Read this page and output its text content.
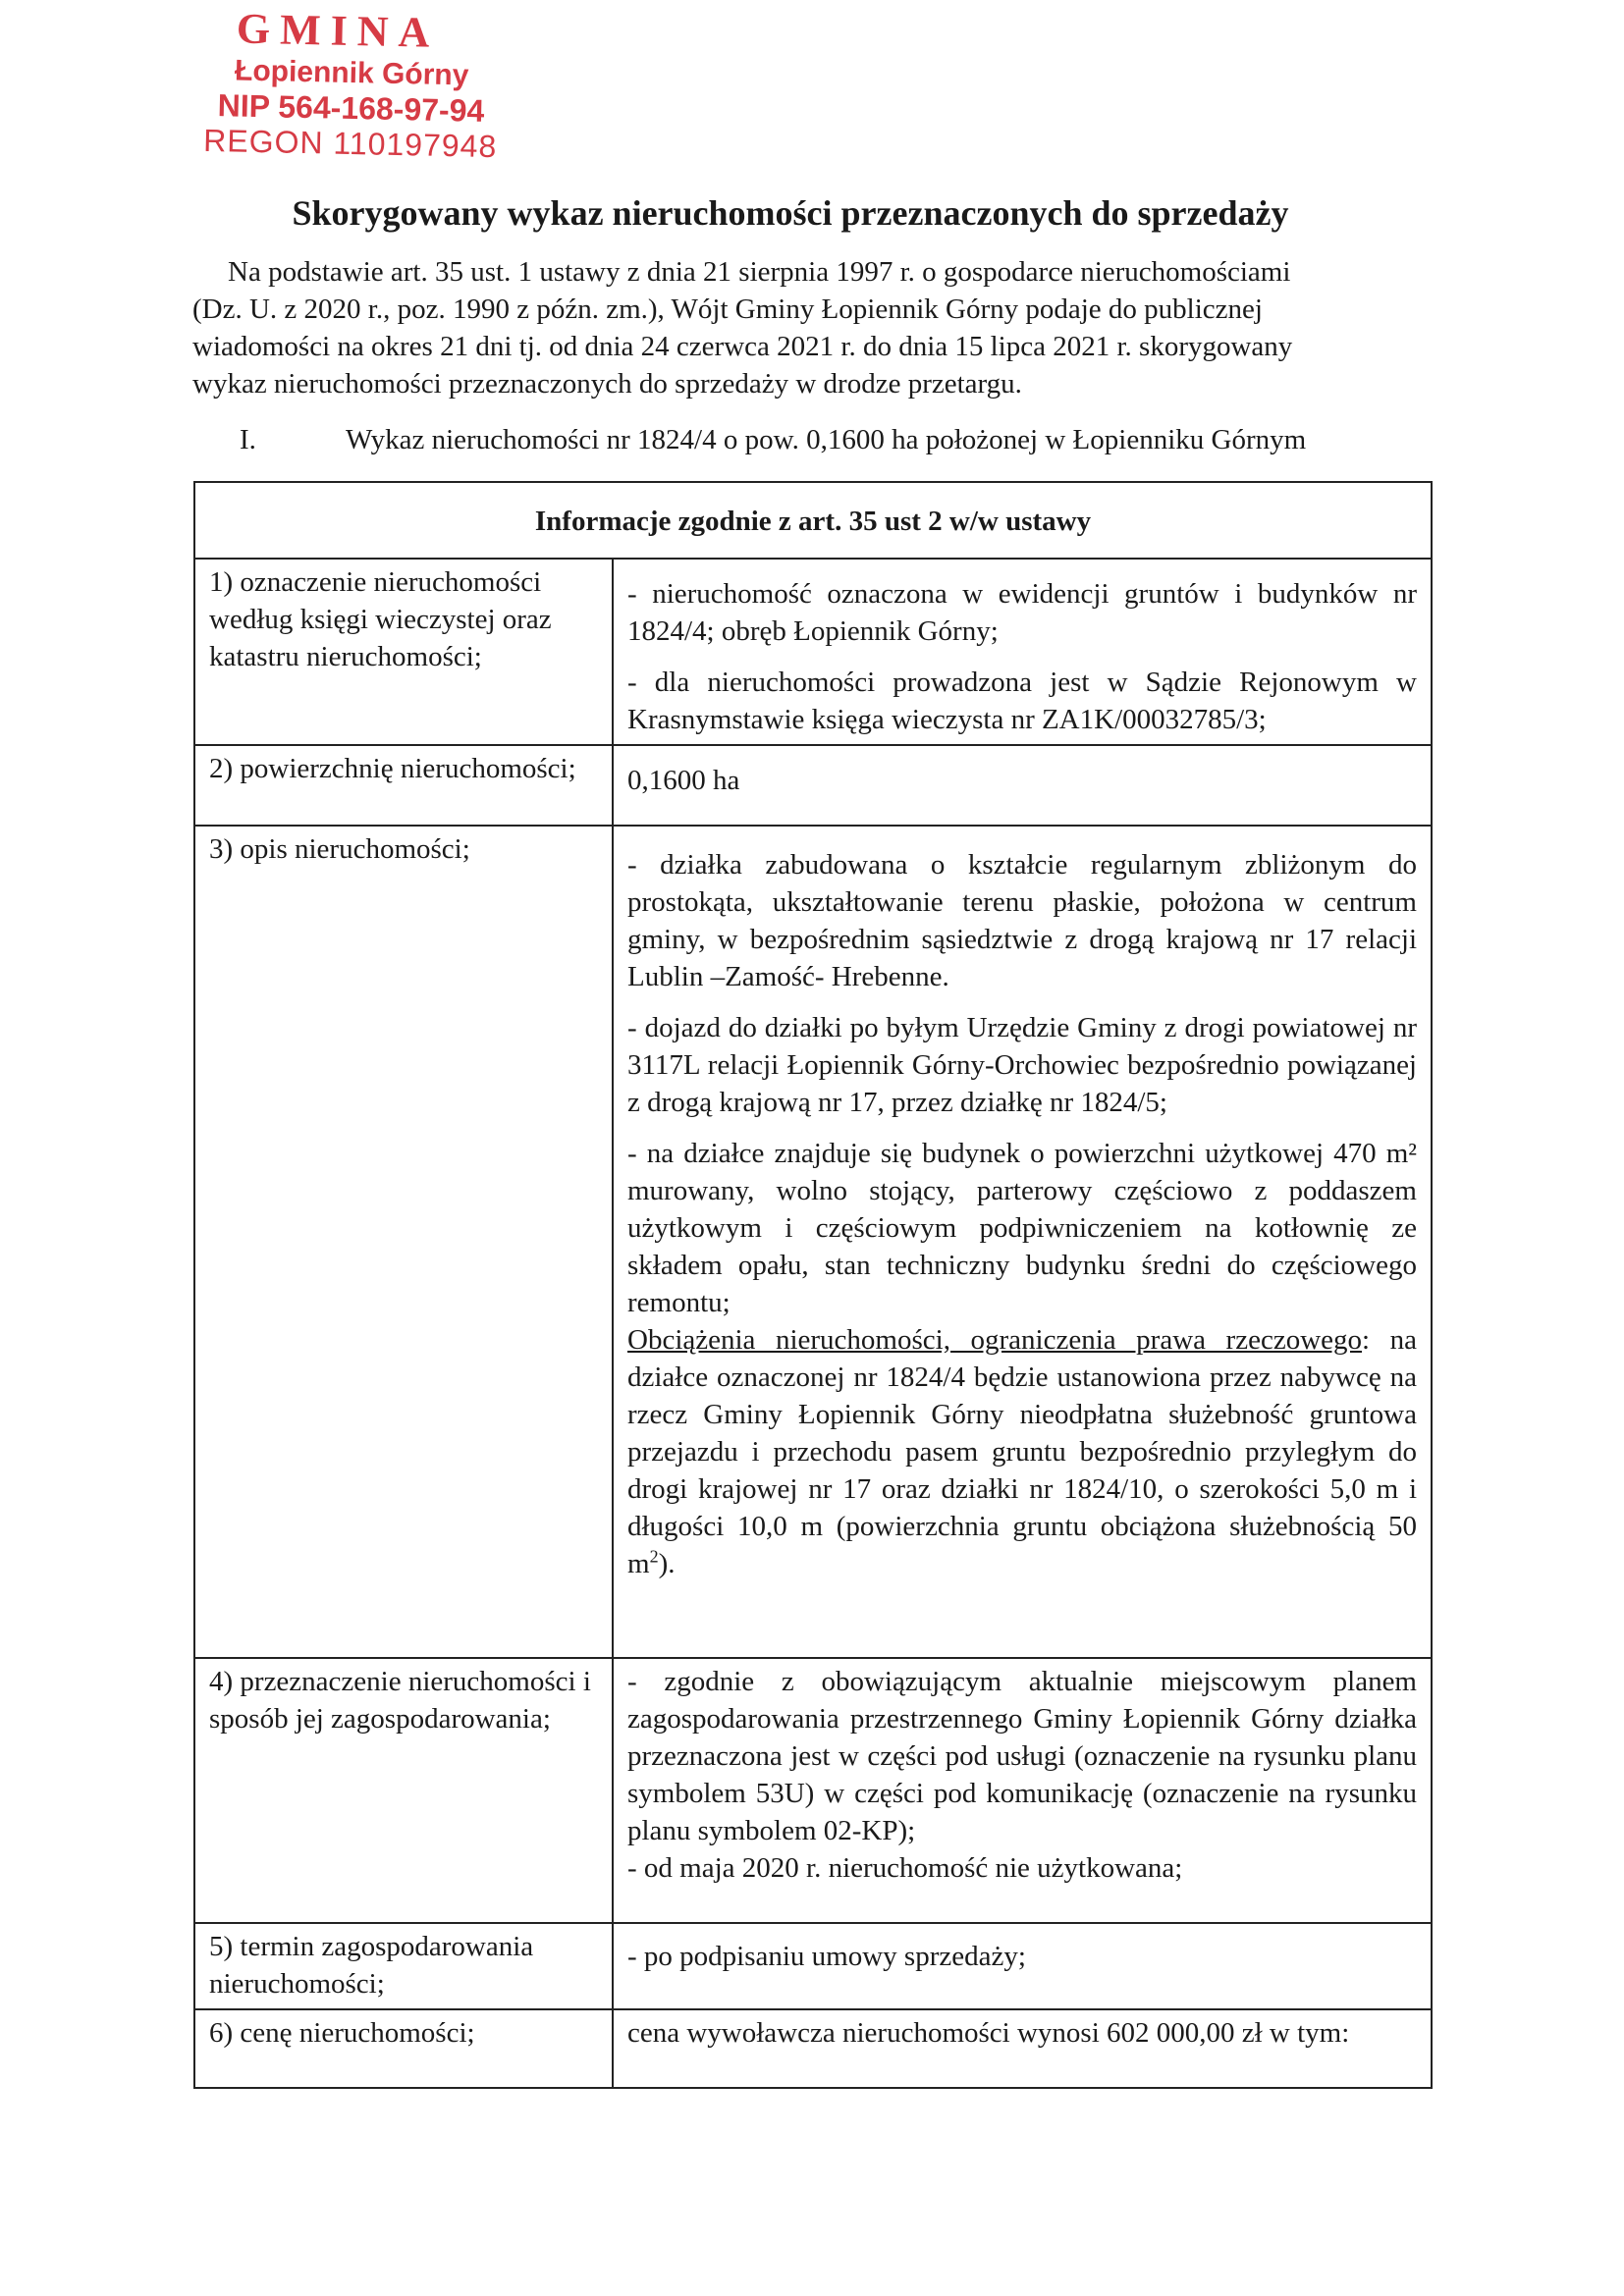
GMINA
Łopiennik Górny
NIP 564-168-97-94
REGON 110197948
Skorygowany wykaz nieruchomości przeznaczonych do sprzedaży

Na podstawie art. 35 ust. 1 ustawy z dnia 21 sierpnia 1997 r. o gospodarce nieruchomościami

(Dz. U. z 2020 r., poz. 1990 z późn. zm.), Wójt Gminy Łopiennik Górny podaje do publicznej

wiadomości na okres 21 dni tj. od dnia 24 czerwca 2021 r. do dnia 15 lipca 2021 r. skorygowany

wykaz nieruchomości przeznaczonych do sprzedaży w drodze przetargu.

I.	Wykaz nieruchomości nr 1824/4 o pow. 0,1600 ha położonej w Łopienniku Górnym
Informacje zgodnie z art. 35 ust 2 w/w ustawy	
1) oznaczenie nieruchomości według księgi wieczystej oraz katastru nieruchomości;	- nieruchomość oznaczona w ewidencji gruntów i budynków nr 1824/4; obręb Łopiennik Górny;

- dla nieruchomości prowadzona jest w Sądzie Rejonowym w Krasnymstawie księga wieczysta nr ZA1K/00032785/3;

2) powierzchnię nieruchomości;	0,1600 ha

3) opis nieruchomości;	- działka zabudowana o kształcie regularnym zbliżonym do prostokąta, ukształtowanie terenu płaskie, położona w centrum gminy, w bezpośrednim sąsiedztwie z drogą krajową nr 17 relacji Lublin –Zamość- Hrebenne.

- dojazd do działki po byłym Urzędzie Gminy z drogi powiatowej nr 3117L relacji Łopiennik Górny-Orchowiec bezpośrednio powiązanej z drogą krajową nr 17, przez działkę nr 1824/5;

- na działce znajduje się budynek o powierzchni użytkowej 470 m² murowany, wolno stojący, parterowy częściowo z poddaszem użytkowym i częściowym podpiwniczeniem na kotłownię ze składem opału, stan techniczny budynku średni do częściowego remontu;

Obciążenia nieruchomości, ograniczenia prawa rzeczowego: na działce oznaczonej nr 1824/4 będzie ustanowiona przez nabywcę na rzecz Gminy Łopiennik Górny nieodpłatna służebność gruntowa przejazdu i przechodu pasem gruntu bezpośrednio przyległym do drogi krajowej nr 17 oraz działki nr 1824/10, o szerokości 5,0 m i długości 10,0 m (powierzchnia gruntu obciążona służebnością 50 $m^2$).

4) przeznaczenie nieruchomości i sposób jej zagospodarowania;	- zgodnie z obowiązującym aktualnie miejscowym planem zagospodarowania przestrzennego Gminy Łopiennik Górny działka przeznaczona jest w części pod usługi (oznaczenie na rysunku planu symbolem 53U) w części pod komunikację (oznaczenie na rysunku planu symbolem 02-KP);

- od maja 2020 r. nieruchomość nie użytkowana;

5) termin zagospodarowania nieruchomości;	- po podpisaniu umowy sprzedaży;

6) cenę nieruchomości;	cena wywoławcza nieruchomości wynosi 602 000,00 zł w tym:
